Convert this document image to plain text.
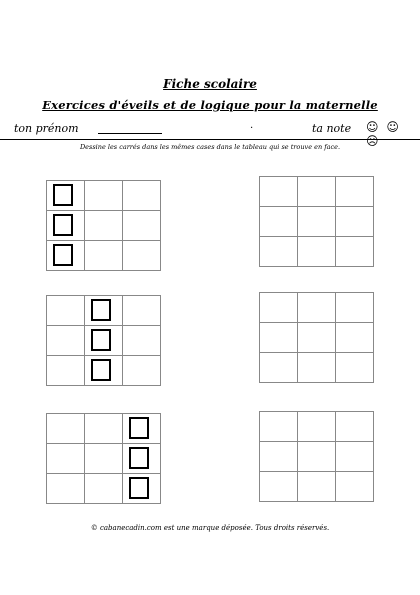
Fiche scolaire
Exercices d'éveils et de logique pour la maternelle
ton prénom	.	ta note ☺ ☺ ☹
Dessine les carrés dans les mêmes cases dans le tableau qui se trouve en face.

© cabanecadin.com est une marque déposée. Tous droits réservés.
